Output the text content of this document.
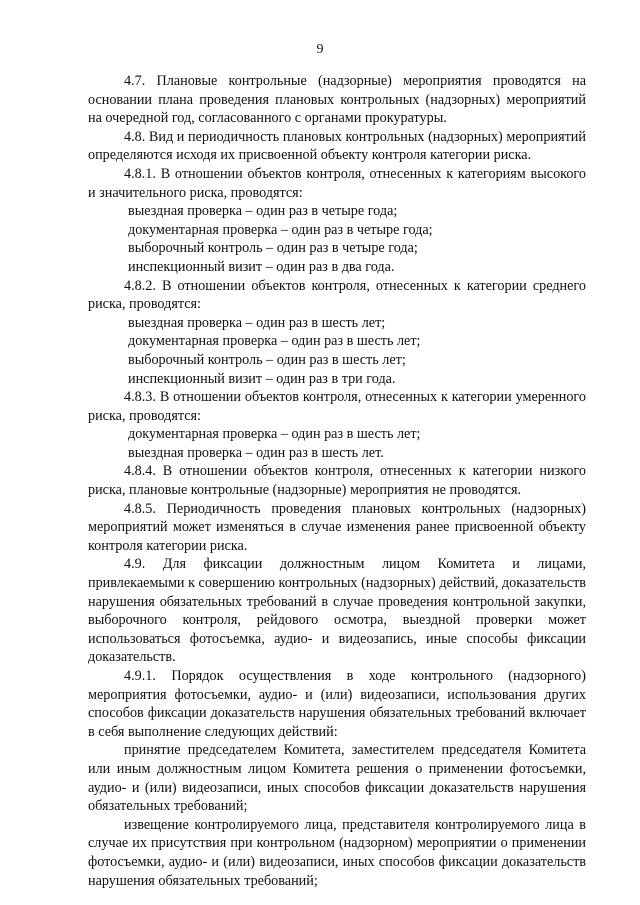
9

4.7. Плановые контрольные (надзорные) мероприятия проводятся на основании плана проведения плановых контрольных (надзорных) мероприятий на очередной год, согласованного с органами прокуратуры.

4.8. Вид и периодичность плановых контрольных (надзорных) мероприятий определяются исходя их присвоенной объекту контроля категории риска.

4.8.1. В отношении объектов контроля, отнесенных к категориям высокого и значительного риска, проводятся:

выездная проверка – один раз в четыре года;

документарная проверка – один раз в четыре года;

выборочный контроль – один раз в четыре года;

инспекционный визит – один раз в два года.

4.8.2. В отношении объектов контроля, отнесенных к категории среднего риска, проводятся:

выездная проверка – один раз в шесть лет;

документарная проверка – один раз в шесть лет;

выборочный контроль – один раз в шесть лет;

инспекционный визит – один раз в три года.

4.8.3. В отношении объектов контроля, отнесенных к категории умеренного риска, проводятся:

документарная проверка – один раз в шесть лет;

выездная проверка – один раз в шесть лет.

4.8.4. В отношении объектов контроля, отнесенных к категории низкого риска, плановые контрольные (надзорные) мероприятия не проводятся.

4.8.5. Периодичность проведения плановых контрольных (надзорных) мероприятий может изменяться в случае изменения ранее присвоенной объекту контроля категории риска.

4.9. Для фиксации должностным лицом Комитета и лицами, привлекаемыми к совершению контрольных (надзорных) действий, доказательств нарушения обязательных требований в случае проведения контрольной закупки, выборочного контроля, рейдового осмотра, выездной проверки может использоваться фотосъемка, аудио- и видеозапись, иные способы фиксации доказательств.

4.9.1. Порядок осуществления в ходе контрольного (надзорного) мероприятия фотосъемки, аудио- и (или) видеозаписи, использования других способов фиксации доказательств нарушения обязательных требований включает в себя выполнение следующих действий:

принятие председателем Комитета, заместителем председателя Комитета или иным должностным лицом Комитета решения о применении фотосъемки, аудио- и (или) видеозаписи, иных способов фиксации доказательств нарушения обязательных требований;

извещение контролируемого лица, представителя контролируемого лица в случае их присутствия при контрольном (надзорном) мероприятии о применении фотосъемки, аудио- и (или) видеозаписи, иных способов фиксации доказательств нарушения обязательных требований;
